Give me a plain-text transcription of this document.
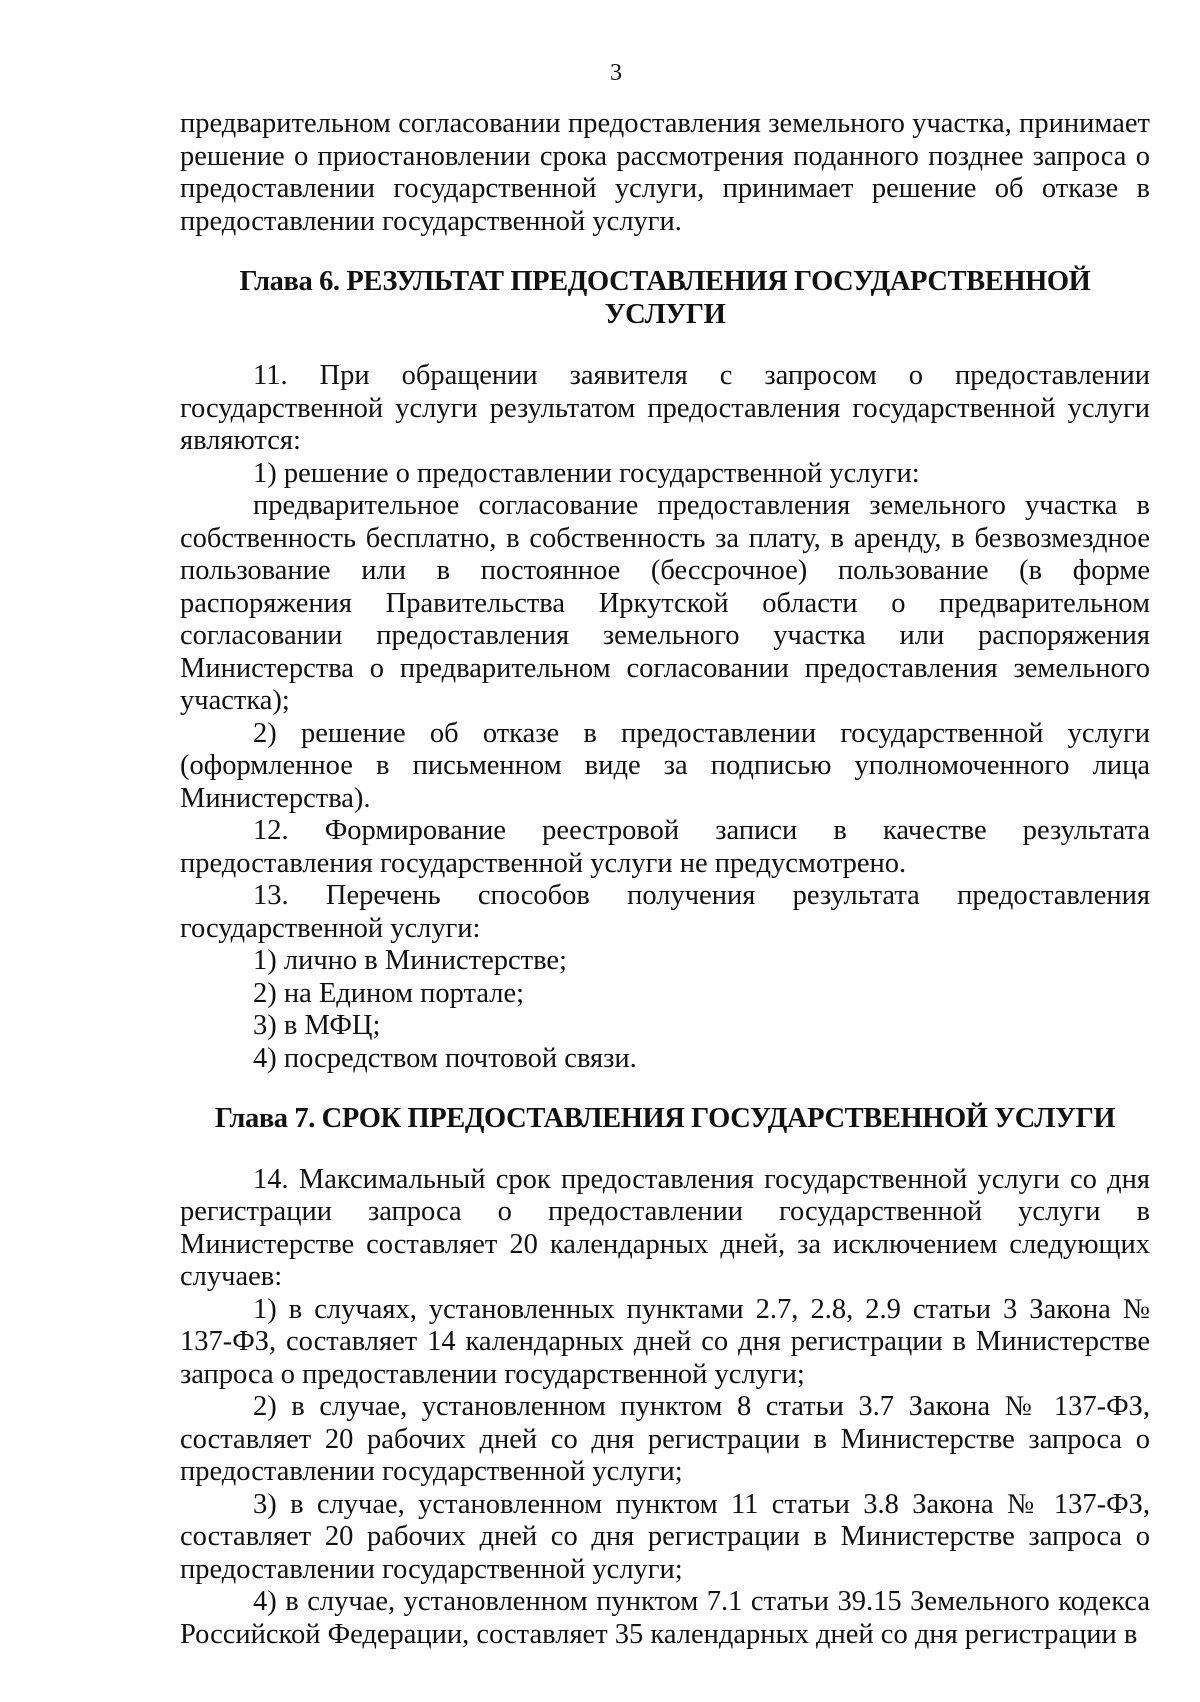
3

предварительном согласовании предоставления земельного участка, принимает решение о приостановлении срока рассмотрения поданного позднее запроса о предоставлении государственной услуги, принимает решение об отказе в предоставлении государственной услуги.

Глава 6. РЕЗУЛЬТАТ ПРЕДОСТАВЛЕНИЯ ГОСУДАРСТВЕННОЙ УСЛУГИ

11. При обращении заявителя с запросом о предоставлении государственной услуги результатом предоставления государственной услуги являются:

1) решение о предоставлении государственной услуги:

предварительное согласование предоставления земельного участка в собственность бесплатно, в собственность за плату, в аренду, в безвозмездное пользование или в постоянное (бессрочное) пользование (в форме распоряжения Правительства Иркутской области о предварительном согласовании предоставления земельного участка или распоряжения Министерства о предварительном согласовании предоставления земельного участка);

2) решение об отказе в предоставлении государственной услуги (оформленное в письменном виде за подписью уполномоченного лица Министерства).

12. Формирование реестровой записи в качестве результата предоставления государственной услуги не предусмотрено.

13. Перечень способов получения результата предоставления государственной услуги:

1) лично в Министерстве;

2) на Едином портале;

3) в МФЦ;

4) посредством почтовой связи.

Глава 7. СРОК ПРЕДОСТАВЛЕНИЯ ГОСУДАРСТВЕННОЙ УСЛУГИ

14. Максимальный срок предоставления государственной услуги со дня регистрации запроса о предоставлении государственной услуги в Министерстве составляет 20 календарных дней, за исключением следующих случаев:

1) в случаях, установленных пунктами 2.7, 2.8, 2.9 статьи 3 Закона № 137-ФЗ, составляет 14 календарных дней со дня регистрации в Министерстве запроса о предоставлении государственной услуги;

2) в случае, установленном пунктом 8 статьи 3.7 Закона № 137-ФЗ, составляет 20 рабочих дней со дня регистрации в Министерстве запроса о предоставлении государственной услуги;

3) в случае, установленном пунктом 11 статьи 3.8 Закона № 137-ФЗ, составляет 20 рабочих дней со дня регистрации в Министерстве запроса о предоставлении государственной услуги;

4) в случае, установленном пунктом 7.1 статьи 39.15 Земельного кодекса Российской Федерации, составляет 35 календарных дней со дня регистрации в
